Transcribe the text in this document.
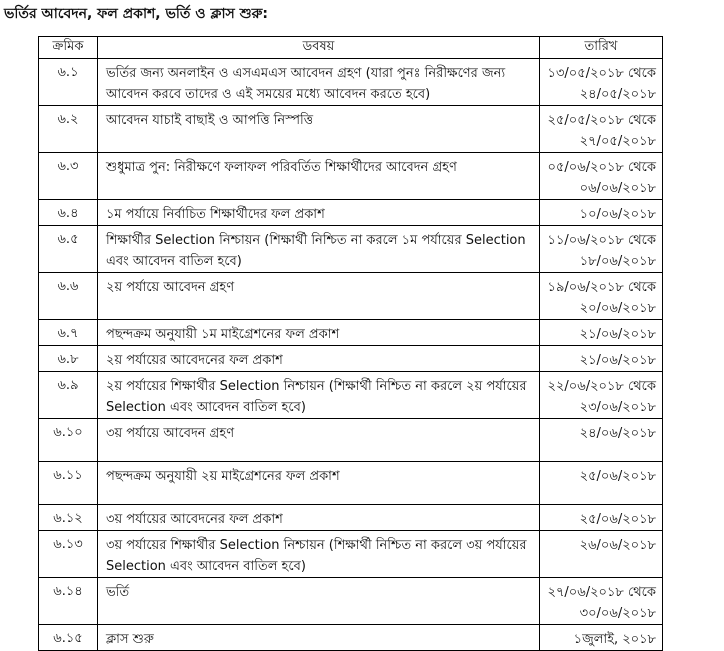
ভর্তির আবেদন, ফল প্রকাশ, ভর্তি ও ক্লাস শুরু:
ক্রমিক	ডবষয়	তারিখ
৬.১	ভর্তির জন্য অনলাইন ও এসএমএস আবেদন গ্রহণ (যারা পুনঃ নিরীক্ষণের জন্য আবেদন করবে তাদের ও এই সময়ের মধ্যে আবেদন করতে হবে)	১৩/০৫/২০১৮ থেকে
২৪/০৫/২০১৮

৬.২	আবেদন যাচাই বাছাই ও আপত্তি নিস্পত্তি	২৫/০৫/২০১৮ থেকে
২৭/০৫/২০১৮

৬.৩	শুধুমাত্র পুন: নিরীক্ষণে ফলাফল পরিবর্তিত শিক্ষার্থীদের আবেদন গ্রহণ	০৫/০৬/২০১৮ থেকে
০৬/০৬/২০১৮

৬.৪	১ম পর্যায়ে নির্বাচিত শিক্ষার্থীদের ফল প্রকাশ	১০/০৬/২০১৮

৬.৫	শিক্ষার্থীর Selection নিশ্চায়ন (শিক্ষার্থী নিশ্চিত না করলে ১ম পর্যায়ের Selection এবং আবেদন বাতিল হবে)	১১/০৬/২০১৮ থেকে
১৮/০৬/২০১৮

৬.৬	২য় পর্যায়ে আবেদন গ্রহণ	১৯/০৬/২০১৮ থেকে
২০/০৬/২০১৮

৬.৭	পছন্দক্রম অনুযায়ী ১ম মাইগ্রেশনের ফল প্রকাশ	২১/০৬/২০১৮

৬.৮	২য় পর্যায়ের আবেদনের ফল প্রকাশ	২১/০৬/২০১৮

৬.৯	২য় পর্যায়ের শিক্ষার্থীর Selection নিশ্চায়ন (শিক্ষার্থী নিশ্চিত না করলে ২য় পর্যায়ের Selection এবং আবেদন বাতিল হবে)	২২/০৬/২০১৮ থেকে
২৩/০৬/২০১৮

৬.১০	৩য় পর্যায়ে আবেদন গ্রহণ	২৪/০৬/২০১৮

৬.১১	পছন্দক্রম অনুযায়ী ২য় মাইগ্রেশনের ফল প্রকাশ	২৫/০৬/২০১৮

৬.১২	৩য় পর্যায়ের আবেদনের ফল প্রকাশ	২৫/০৬/২০১৮

৬.১৩	৩য় পর্যায়ের শিক্ষার্থীর Selection নিশ্চায়ন (শিক্ষার্থী নিশ্চিত না করলে ৩য় পর্যায়ের Selection এবং আবেদন বাতিল হবে)	২৬/০৬/২০১৮

৬.১৪	ভর্তি	২৭/০৬/২০১৮ থেকে
৩০/০৬/২০১৮

৬.১৫	ক্লাস শুরু	১জুলাই, ২০১৮
